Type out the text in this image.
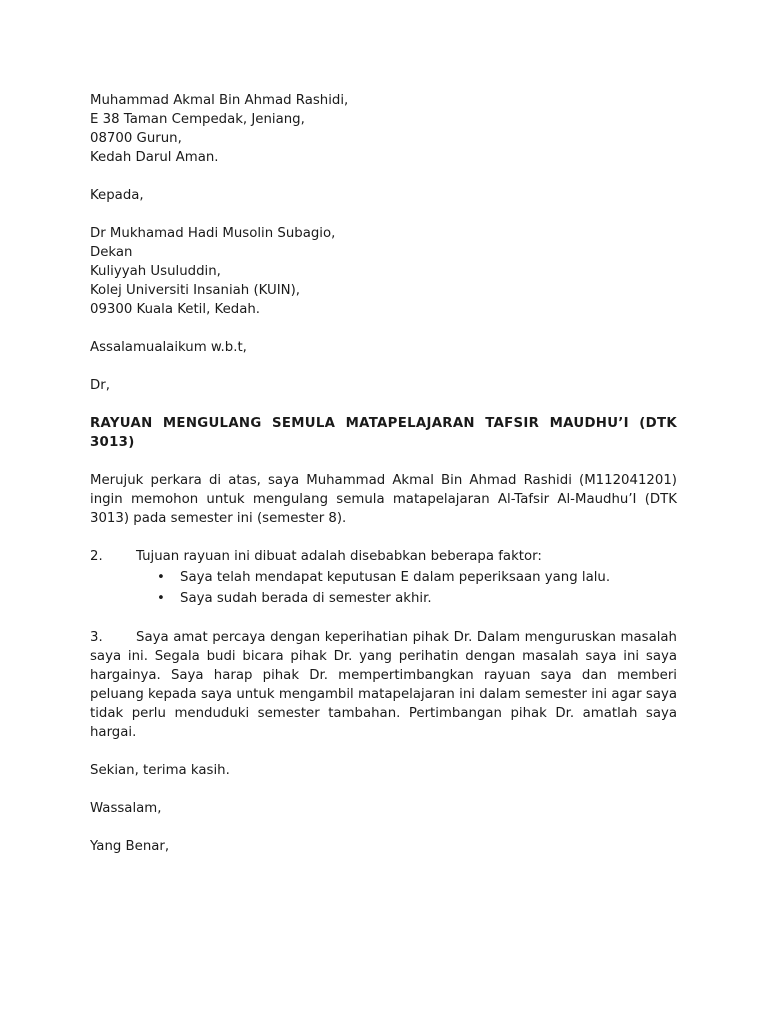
Muhammad Akmal Bin Ahmad Rashidi,
E 38 Taman Cempedak, Jeniang,
08700 Gurun,
Kedah Darul Aman.
Kepada,
Dr Mukhamad Hadi Musolin Subagio,
Dekan
Kuliyyah Usuluddin,
Kolej Universiti Insaniah (KUIN),
09300 Kuala Ketil, Kedah.
Assalamualaikum w.b.t,
Dr,
RAYUAN MENGULANG SEMULA MATAPELAJARAN TAFSIR MAUDHU’I (DTK 3013)
Merujuk perkara di atas, saya Muhammad Akmal Bin Ahmad Rashidi (M112041201) ingin memohon untuk mengulang semula matapelajaran Al-Tafsir Al-Maudhu’I (DTK 3013) pada semester ini (semester 8).
2.	Tujuan rayuan ini dibuat adalah disebabkan beberapa faktor:
• Saya telah mendapat keputusan E dalam peperiksaan yang lalu.
• Saya sudah berada di semester akhir.
3.	Saya amat percaya dengan keperihatian pihak Dr. Dalam menguruskan masalah saya ini. Segala budi bicara pihak Dr. yang perihatin dengan masalah saya ini saya hargainya. Saya harap pihak Dr. mempertimbangkan rayuan saya dan memberi peluang kepada saya untuk mengambil matapelajaran ini dalam semester ini agar saya tidak perlu menduduki semester tambahan. Pertimbangan pihak Dr. amatlah saya hargai.
Sekian, terima kasih.
Wassalam,
Yang Benar,
